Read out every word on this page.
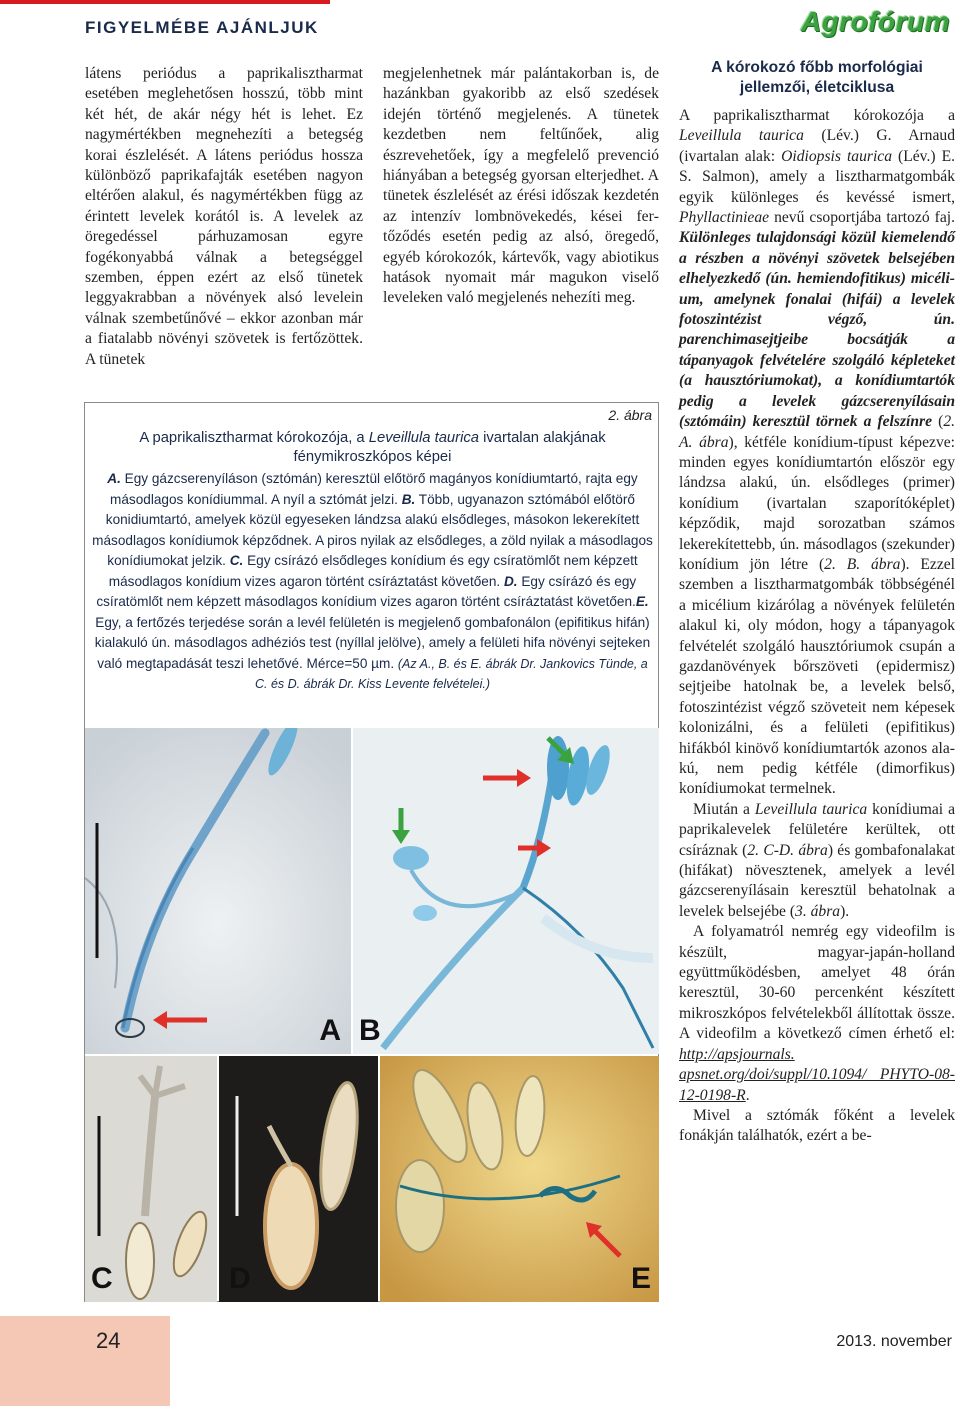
FIGYELMÉBE AJÁNLJUK	Agrofórum

látens periódus a paprikalisztharmat esetében meglehetősen hosszú, több mint két hét, de akár négy hét is lehet. Ez nagymértékben megnehezíti a betegség korai észlelését. A látens periódus hossza különböző paprikafajták esetében nagyon eltérően alakul, és nagymértékben függ az érintett levelek korától is. A levelek az öregedéssel párhuzamosan egyre fogékonyabbá válnak a betegséggel szemben, éppen ezért az első tünetek leggyakrabban a növények alsó levelein válnak szembetűnővé – ekkor azonban már a fiatalabb növényi szövetek is fertőzöttek. A tünetek

megjelenhetnek már palántakorban is, de hazánkban gyakoribb az első szedések idején történő megjelenés. A tünetek kezdetben nem feltűnőek, alig észrevehetőek, így a megfelelő prevenció hiányában a betegség gyorsan elterjedhet. A tünetek észlelését az érési időszak kezdetén az intenzív lombnövekedés, kései fertőződés esetén pedig az alsó, öregedő, egyéb kórokozók, kártevők, vagy abiotikus hatások nyomait már magukon viselő leveleken való megjelenés nehezíti meg.

A kórokozó főbb morfológiai jellemzői, életciklusa

A paprikalisztharmat kórokozója a Leveillula taurica (Lév.) G. Arnaud (ivartalan alak: Oidiopsis taurica (Lév.) E. S. Salmon), amely a lisztharmatgombák egyik különleges és kevéssé ismert, Phyllactinieae nevű csoportjába tartozó faj. Különleges tulajdonsági közül kiemelendő a részben a növényi szövetek belsejében elhelyezkedő (ún. hemiendofitikus) micélium, amelynek fonalai (hifái) a levelek fotoszintézist végző, ún. parenchimasejtjeibe bocsátják a tápanyagok felvételére szolgáló képleteket (a hausztóriumokat), a konídiumtartók pedig a levelek gázcserenyílásain (sztómáin) keresztül törnek a felszínre (2. A. ábra), kétféle konídium-típust képezve: minden egyes konídiumtartón először egy lándzsa alakú, ún. elsődleges (primer) konídium (ivartalan szaporítóképlet) képződik, majd sorozatban számos lekerekítettebb, ún. másodlagos (szekunder) konídium jön létre (2. B. ábra). Ezzel szemben a lisztharmatgombák többségénél a micélium kizárólag a növények felületén alakul ki, oly módon, hogy a tápanyagok felvételét szolgáló hausztóriumok csupán a gazdanövények bőrszöveti (epidermisz) sejtjeibe hatolnak be, a levelek belső, fotoszintézist végző szöveteit nem képesek kolonizálni, és a felületi (epifitikus) hifákból kinövő konídiumtartók azonos alakú, nem pedig kétféle (dimorfikus) konídiumokat termelnek.

Miután a Leveillula taurica konídiumai a paprikalevelek felületére kerültek, ott csíráznak (2. C-D. ábra) és gombafonalakat (hifákat) növesztenek, amelyek a levél gázcserenyílásain keresztül behatolnak a levelek belsejébe (3. ábra).

A folyamatról nemrég egy videofilm is készült, magyar-japán-holland együttműködésben, amelyet 48 órán keresztül, 30-60 percenként készített mikroszkópos felvételekből állítottak össze. A videofilm a következő címen érhető el: http://apsjournals. apsnet.org/doi/suppl/10.1094/ PHYTO-08-12-0198-R.

Mivel a sztómák főként a levelek fonákján találhatók, ezért a be-

2. ábra
A paprikalisztharmat kórokozója, a Leveillula taurica ivartalan alakjának fénymikroszkópos képei
A. Egy gázcserenyíláson (sztómán) keresztül előtörő magányos konídiumtartó, rajta egy másodlagos konídiummal. A nyíl a sztómát jelzi. B. Több, ugyanazon sztómából előtörő konidiumtartó, amelyek közül egyeseken lándzsa alakú elsődleges, másokon lekerekített másodlagos konídiumok képződnek. A piros nyilak az elsődleges, a zöld nyilak a másodlagos konídiumokat jelzik. C. Egy csírázó elsődleges konídium és egy csíratömlőt nem képzett másodlagos konídium vizes agaron történt csíráztatást követően. D. Egy csírázó és egy csíratömlőt nem képzett másodlagos konídium vizes agaron történt csíráztatást követően.E. Egy, a fertőzés terjedése során a levél felületén is megjelenő gombafonálon (epifitikus hifán) kialakuló ún. másodlagos adhéziós test (nyíllal jelölve), amely a felületi hifa növényi sejteken való megtapadását teszi lehetővé. Mérce=50 µm. (Az A., B. és E. ábrák Dr. Jankovics Tünde, a C. és D. ábrák Dr. Kiss Levente felvételei.)
A B
C	D	E
24	2013. november
